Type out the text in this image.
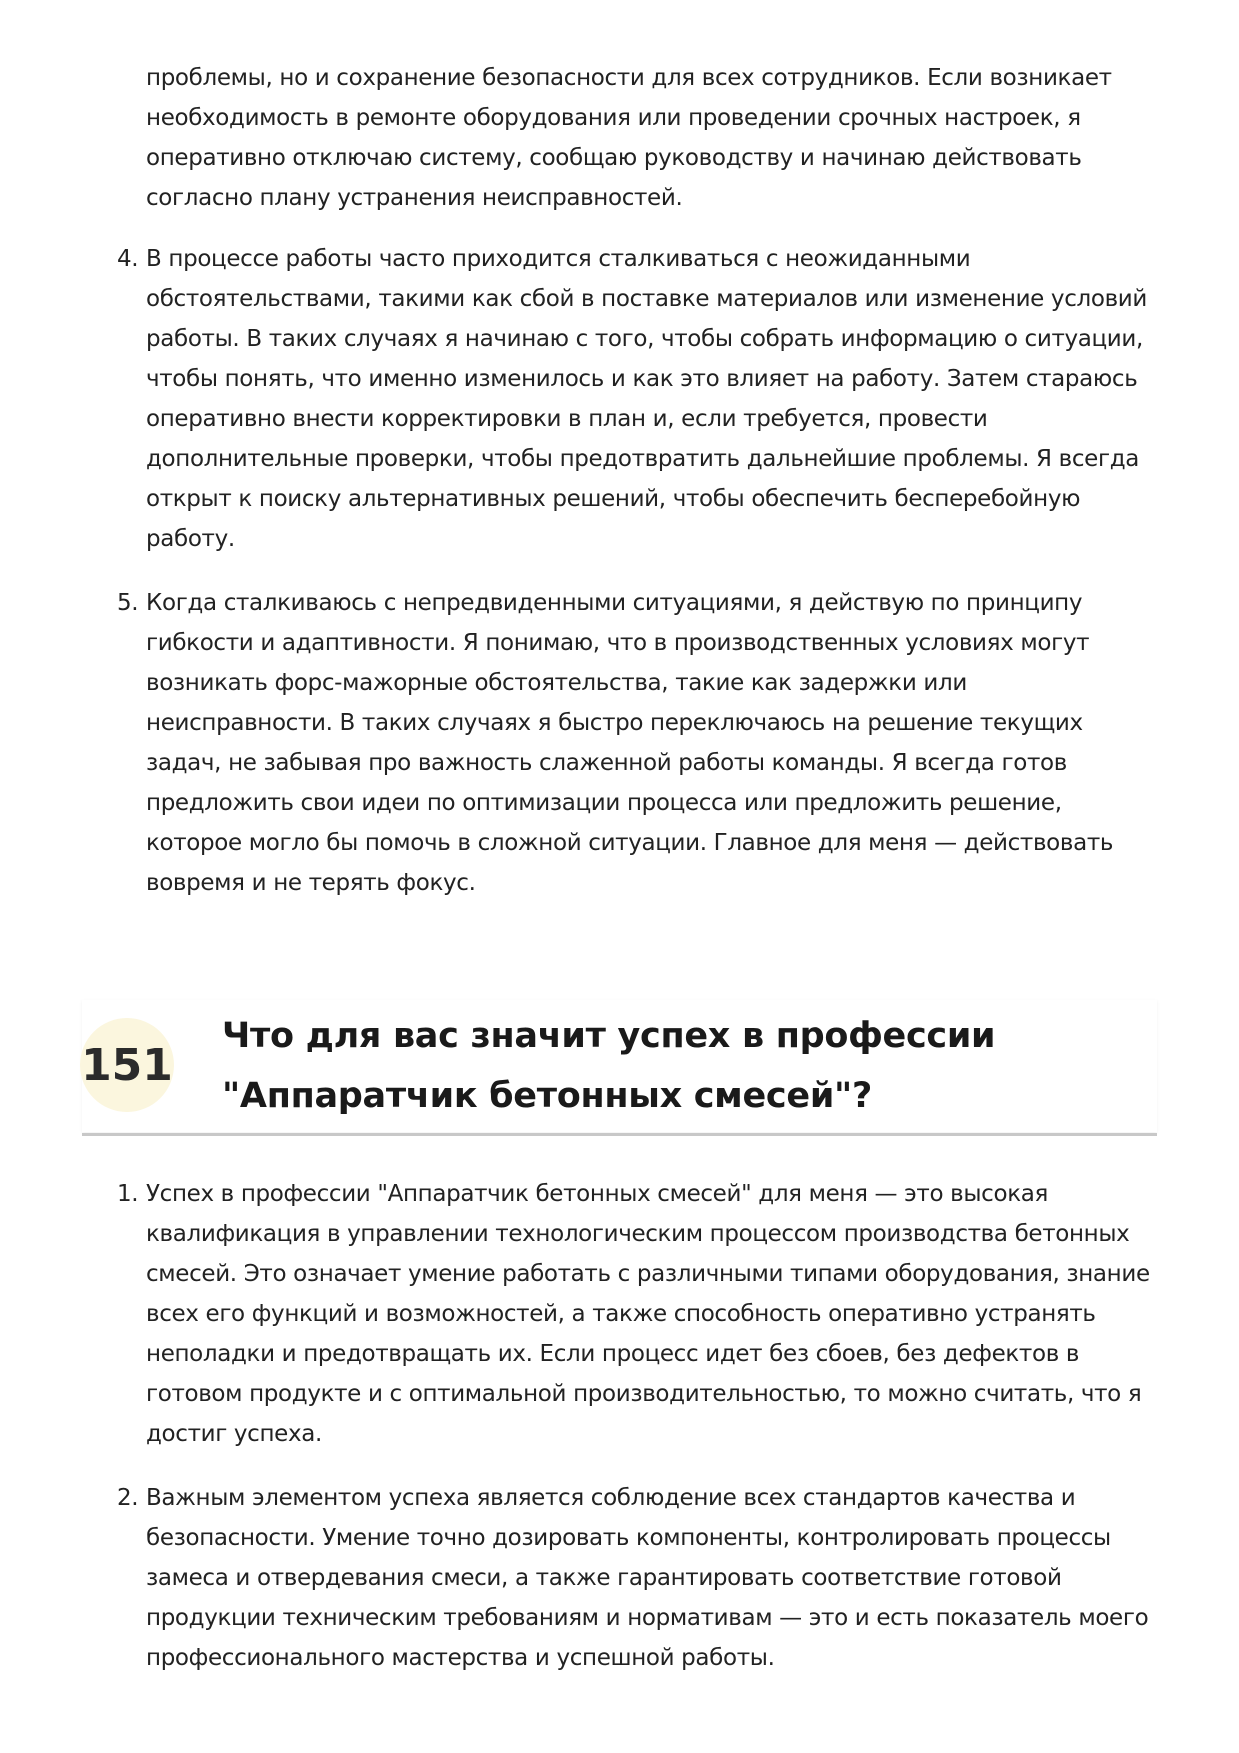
проблемы, но и сохранение безопасности для всех сотрудников. Если возникает необходимость в ремонте оборудования или проведении срочных настроек, я оперативно отключаю систему, сообщаю руководству и начинаю действовать согласно плану устранения неисправностей.
4. В процессе работы часто приходится сталкиваться с неожиданными обстоятельствами, такими как сбой в поставке материалов или изменение условий работы. В таких случаях я начинаю с того, чтобы собрать информацию о ситуации, чтобы понять, что именно изменилось и как это влияет на работу. Затем стараюсь оперативно внести корректировки в план и, если требуется, провести дополнительные проверки, чтобы предотвратить дальнейшие проблемы. Я всегда открыт к поиску альтернативных решений, чтобы обеспечить бесперебойную работу.
5. Когда сталкиваюсь с непредвиденными ситуациями, я действую по принципу гибкости и адаптивности. Я понимаю, что в производственных условиях могут возникать форс-мажорные обстоятельства, такие как задержки или неисправности. В таких случаях я быстро переключаюсь на решение текущих задач, не забывая про важность слаженной работы команды. Я всегда готов предложить свои идеи по оптимизации процесса или предложить решение, которое могло бы помочь в сложной ситуации. Главное для меня — действовать вовремя и не терять фокус.
151
Что для вас значит успех в профессии "Аппаратчик бетонных смесей"?
1. Успех в профессии "Аппаратчик бетонных смесей" для меня — это высокая квалификация в управлении технологическим процессом производства бетонных смесей. Это означает умение работать с различными типами оборудования, знание всех его функций и возможностей, а также способность оперативно устранять неполадки и предотвращать их. Если процесс идет без сбоев, без дефектов в готовом продукте и с оптимальной производительностью, то можно считать, что я достиг успеха.
2. Важным элементом успеха является соблюдение всех стандартов качества и безопасности. Умение точно дозировать компоненты, контролировать процессы замеса и отвердевания смеси, а также гарантировать соответствие готовой продукции техническим требованиям и нормативам — это и есть показатель моего профессионального мастерства и успешной работы.
